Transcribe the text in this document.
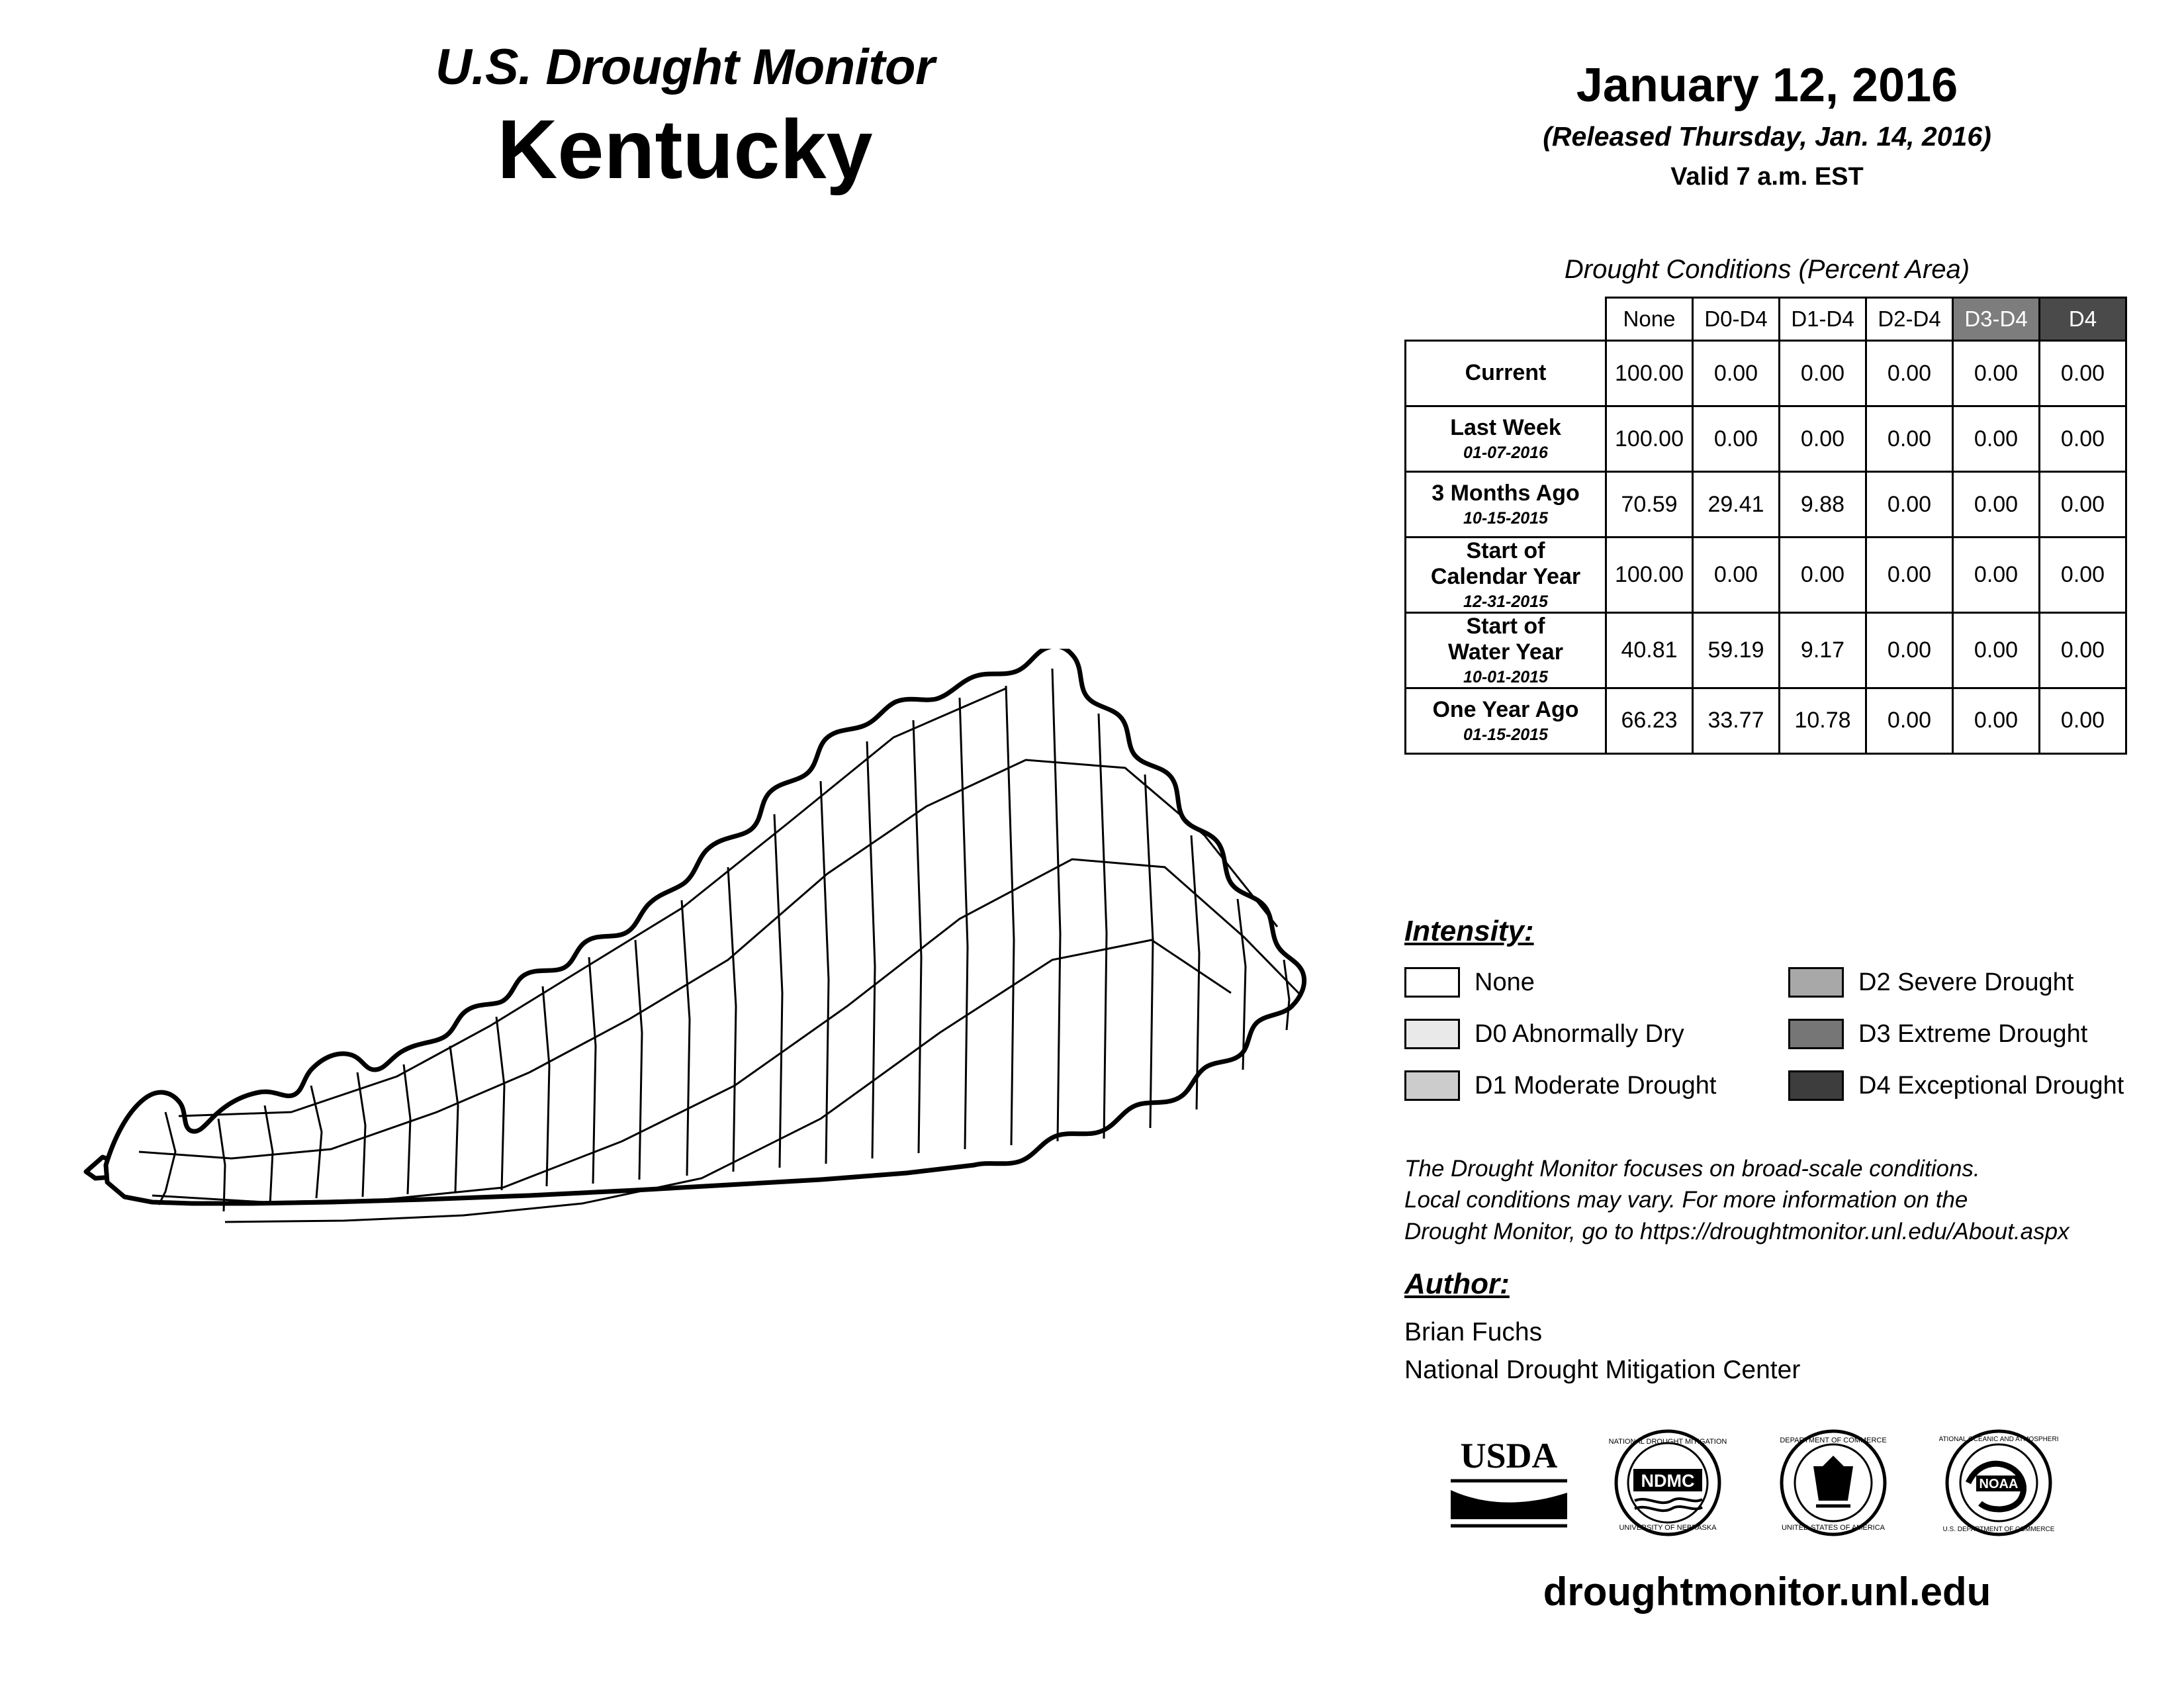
U.S. Drought Monitor
Kentucky
January 12, 2016
(Released Thursday, Jan. 14, 2016)
Valid 7 a.m. EST
Drought Conditions (Percent Area)
	None	D0-D4	D1-D4	D2-D4	D3-D4	D4

Current	100.00	0.00	0.00	0.00	0.00	0.00

Last Week
01-07-2016	100.00	0.00	0.00	0.00	0.00	0.00

3 Months Ago
10-15-2015	70.59	29.41	9.88	0.00	0.00	0.00

Start of
Calendar Year
12-31-2015	100.00	0.00	0.00	0.00	0.00	0.00

Start of
Water Year
10-01-2015	40.81	59.19	9.17	0.00	0.00	0.00

One Year Ago
01-15-2015	66.23	33.77	10.78	0.00	0.00	0.00
Intensity:
None
D0 Abnormally Dry
D1 Moderate Drought
D2 Severe Drought
D3 Extreme Drought
D4 Exceptional Drought
The Drought Monitor focuses on broad-scale conditions.
Local conditions may vary. For more information on the
Drought Monitor, go to https://droughtmonitor.unl.edu/About.aspx
Author:
Brian Fuchs
National Drought Mitigation Center
USDA
NDMC
NATIONAL DROUGHT MITIGATION
UNIVERSITY OF NEBRASKA
DEPARTMENT OF COMMERCE
UNITED STATES OF AMERICA
NOAA
NATIONAL OCEANIC AND ATMOSPHERIC
U.S. DEPARTMENT OF COMMERCE
droughtmonitor.unl.edu
